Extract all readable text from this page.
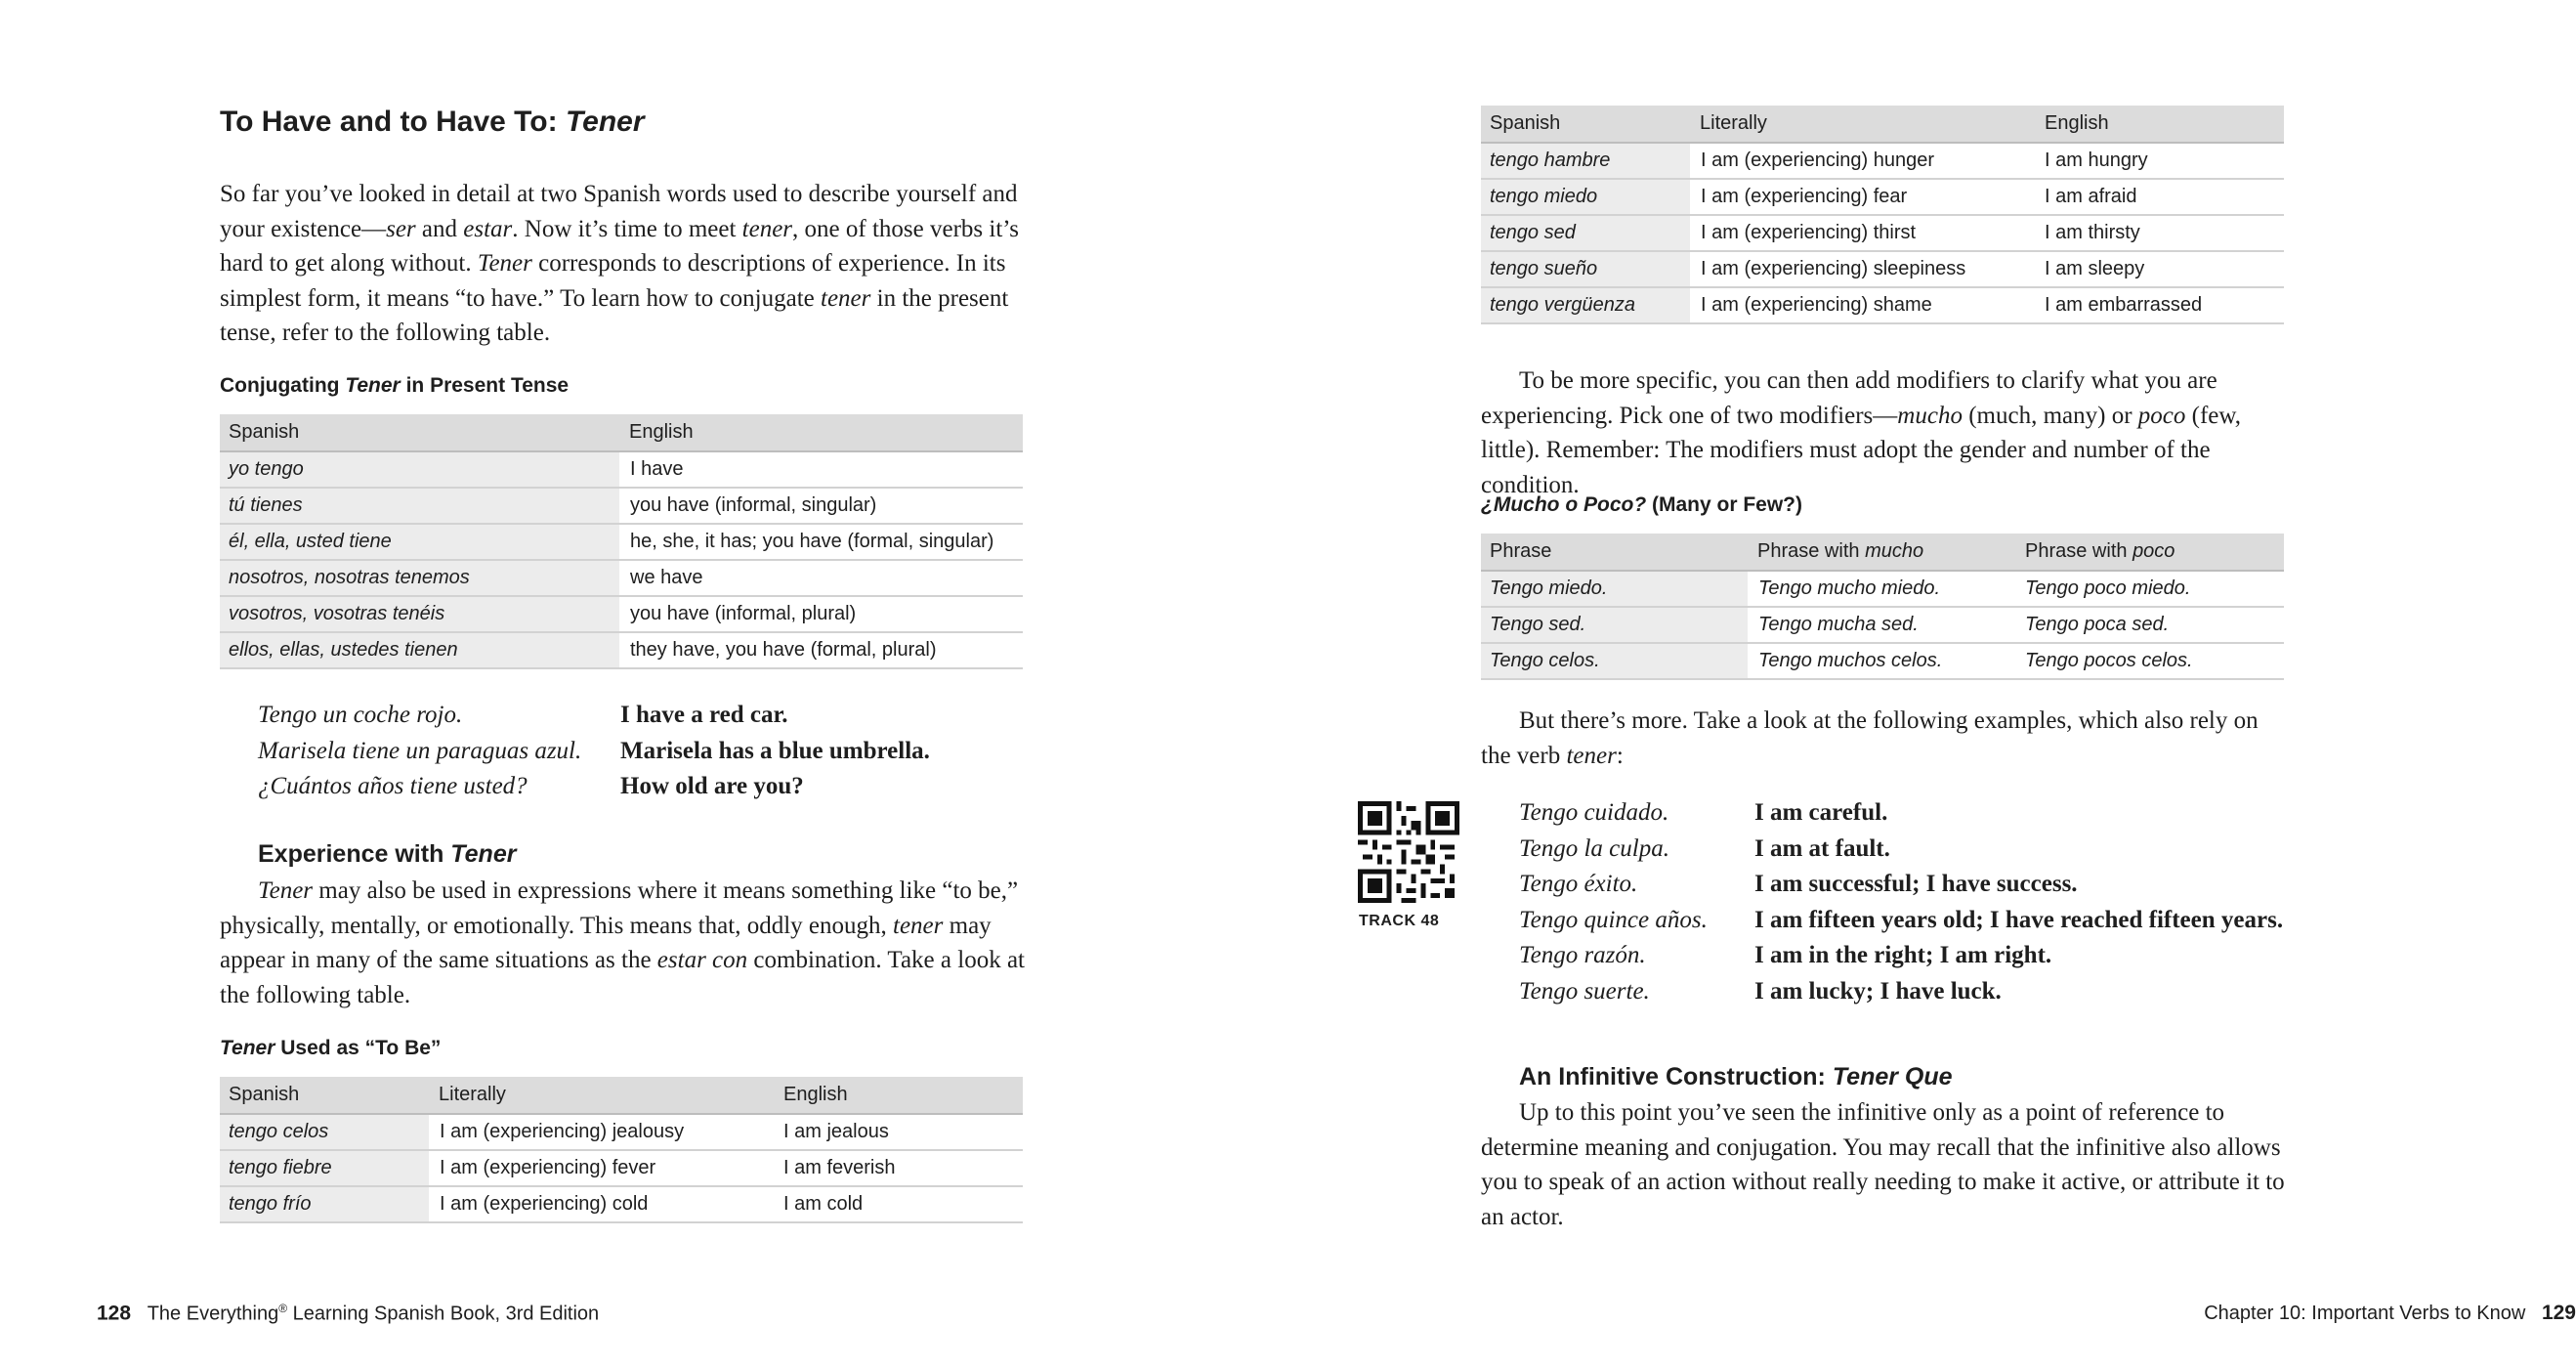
To Have and to Have To: Tener

So far you’ve looked in detail at two Spanish words used to describe yourself and your existence—ser and estar. Now it’s time to meet tener, one of those verbs it’s hard to get along without. Tener corresponds to descriptions of experience. In its simplest form, it means “to have.” To learn how to conjugate tener in the present tense, refer to the following table.

Conjugating Tener in Present Tense

Spanish	English
yo tengo	I have
tú tienes	you have (informal, singular)
él, ella, usted tiene	he, she, it has; you have (formal, singular)
nosotros, nosotras tenemos	we have
vosotros, vosotras tenéis	you have (informal, plural)
ellos, ellas, ustedes tienen	they have, you have (formal, plural)
Tengo un coche rojo.	I have a red car.
Marisela tiene un paraguas azul.	Marisela has a blue umbrella.
¿Cuántos años tiene usted?	How old are you?

Experience with Tener

Tener may also be used in expressions where it means something like “to be,” physically, mentally, or emotionally. This means that, oddly enough, tener may appear in many of the same situations as the estar con combination. Take a look at the following table.

Tener Used as “To Be”

Spanish	Literally	English
tengo celos	I am (experiencing) jealousy	I am jealous
tengo fiebre	I am (experiencing) fever	I am feverish
tengo frío	I am (experiencing) cold	I am cold
128 The Everything® Learning Spanish Book, 3rd Edition
Spanish	Literally	English
tengo hambre	I am (experiencing) hunger	I am hungry
tengo miedo	I am (experiencing) fear	I am afraid
tengo sed	I am (experiencing) thirst	I am thirsty
tengo sueño	I am (experiencing) sleepiness	I am sleepy
tengo vergüenza	I am (experiencing) shame	I am embarrassed

To be more specific, you can then add modifiers to clarify what you are experiencing. Pick one of two modifiers—mucho (much, many) or poco (few, little). Remember: The modifiers must adopt the gender and number of the condition.

¿Mucho o Poco? (Many or Few?)

Phrase	Phrase with mucho	Phrase with poco
Tengo miedo.	Tengo mucho miedo.	Tengo poco miedo.
Tengo sed.	Tengo mucha sed.	Tengo poca sed.
Tengo celos.	Tengo muchos celos.	Tengo pocos celos.

But there’s more. Take a look at the following examples, which also rely on the verb tener:

Tengo cuidado.	I am careful.
Tengo la culpa.	I am at fault.
Tengo éxito.	I am successful; I have success.
Tengo quince años.	I am fifteen years old; I have reached fifteen years.
Tengo razón.	I am in the right; I am right.
Tengo suerte.	I am lucky; I have luck.

An Infinitive Construction: Tener Que

Up to this point you’ve seen the infinitive only as a point of reference to determine meaning and conjugation. You may recall that the infinitive also allows you to speak of an action without really needing to make it active, or attribute it to an actor.

Chapter 10: Important Verbs to Know 129
TRACK 48
